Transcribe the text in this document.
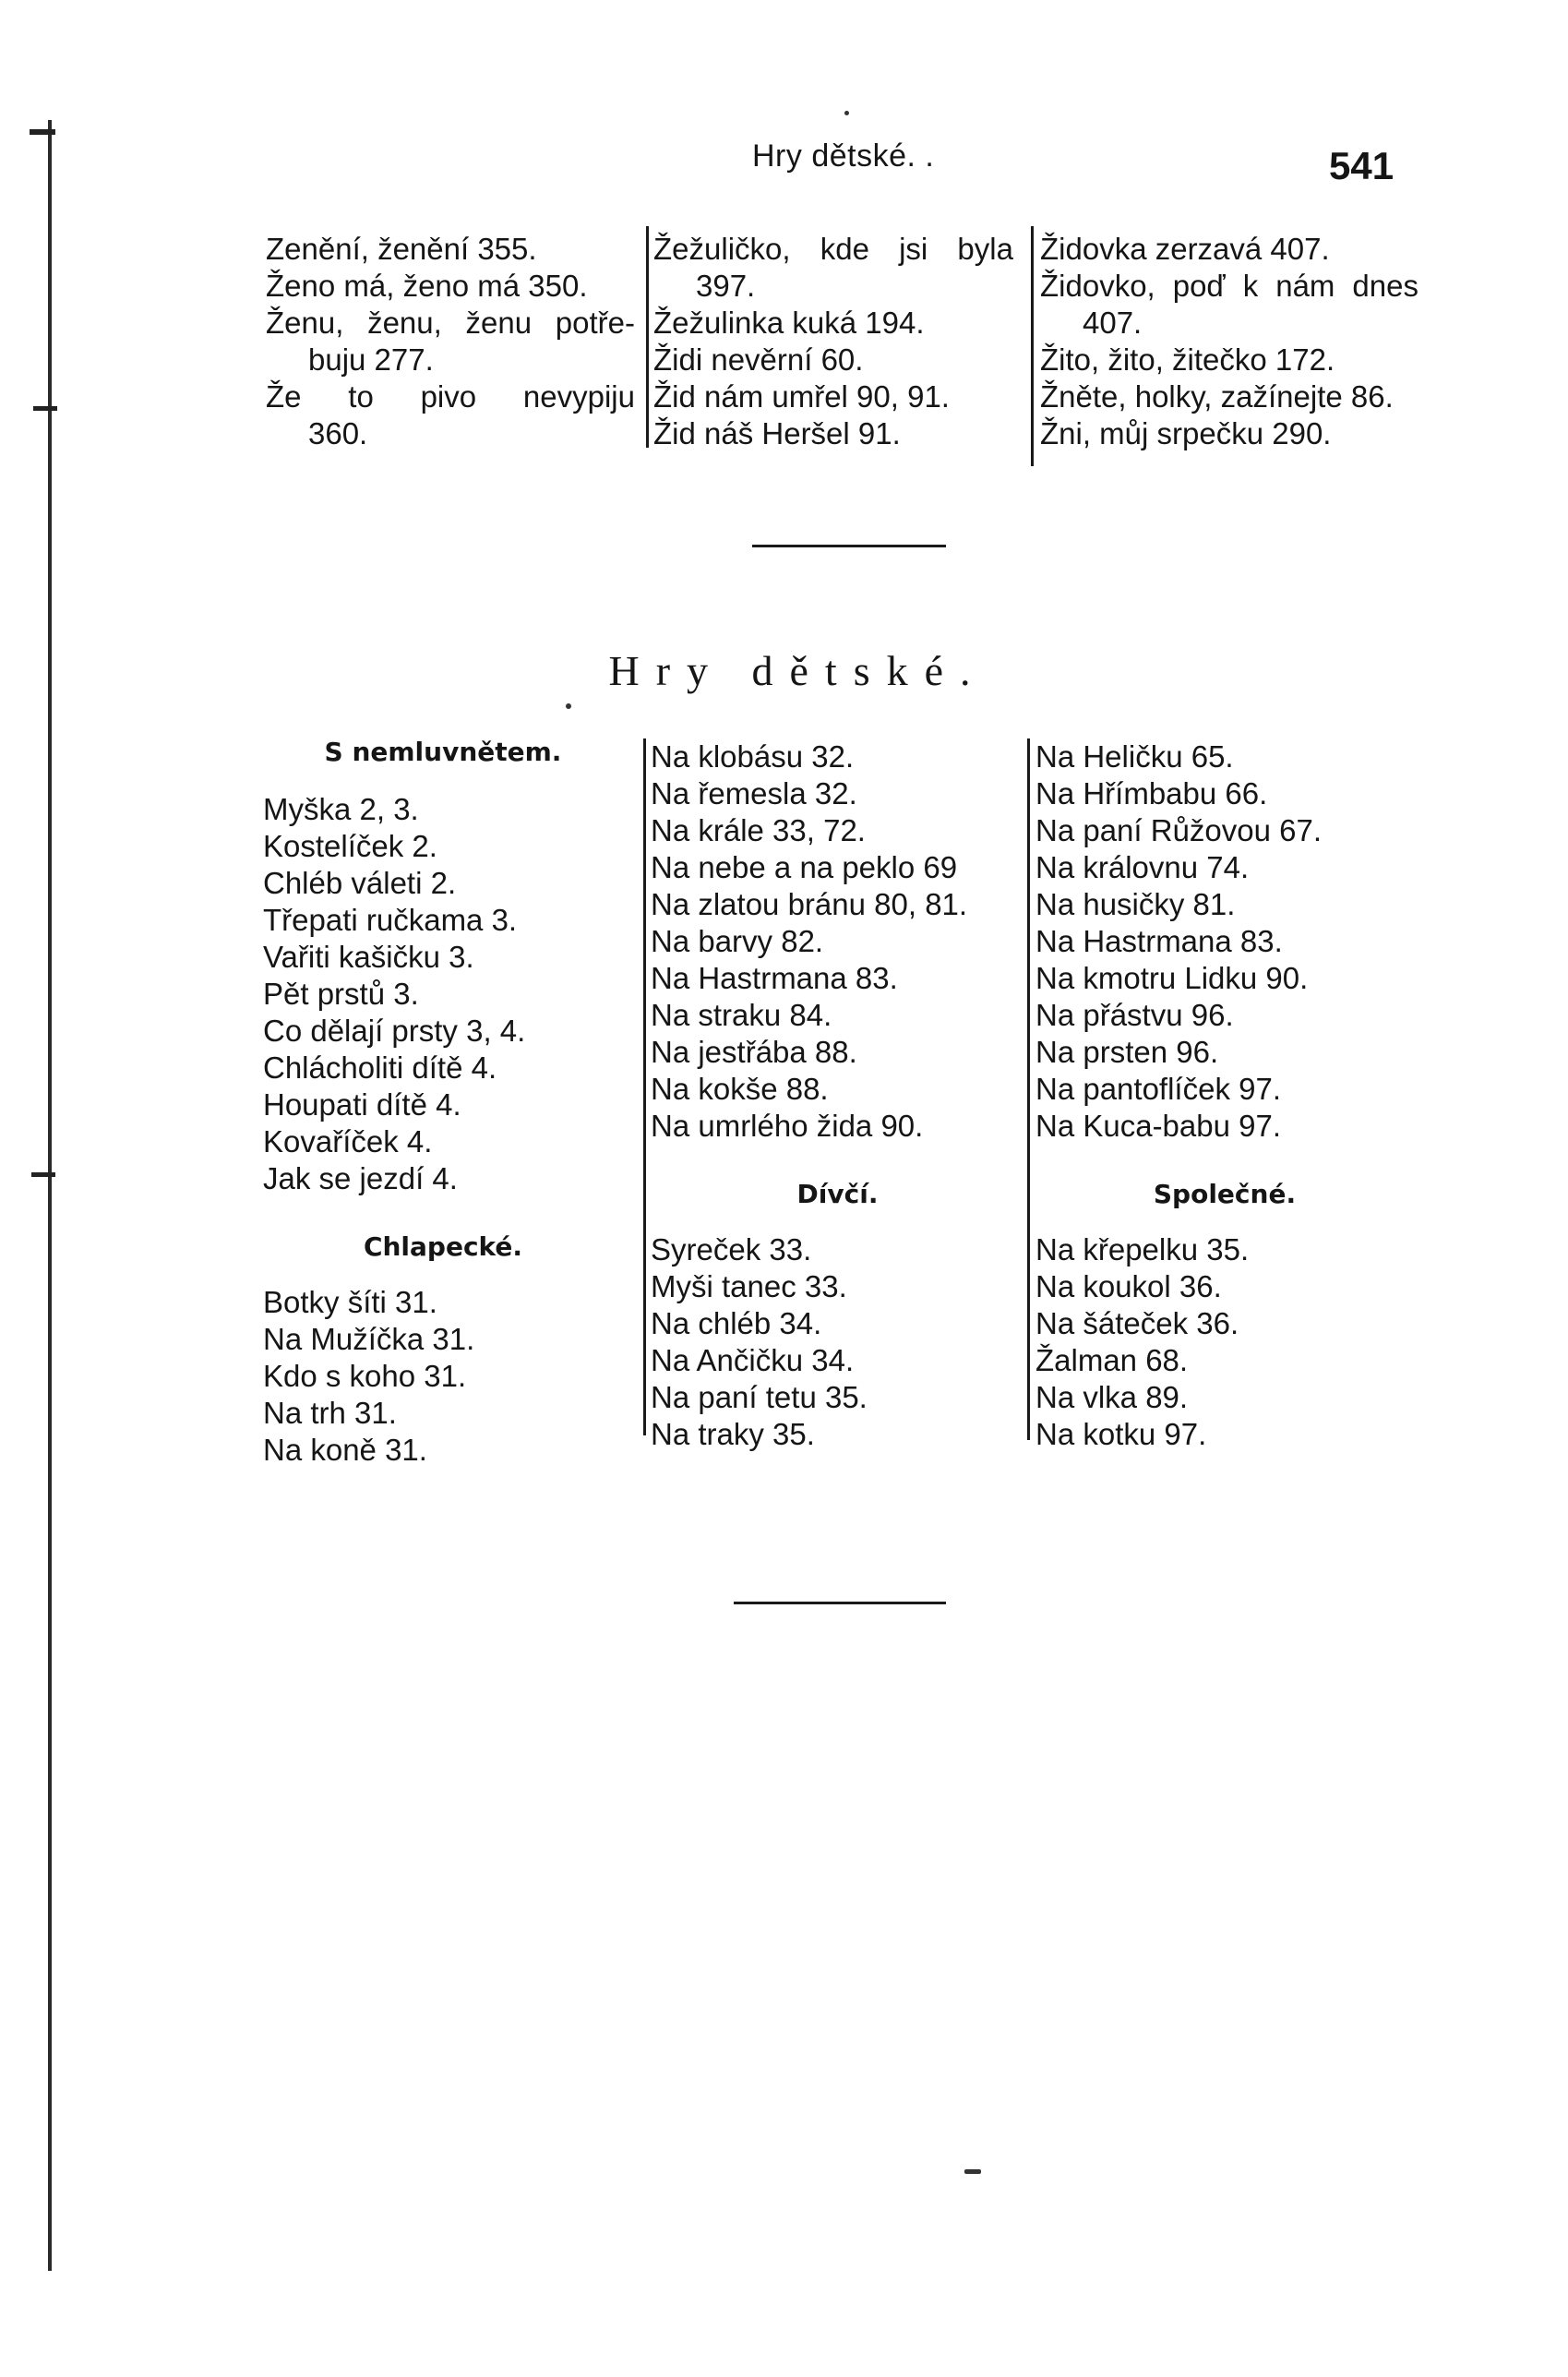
Hry dětské. .	541
Zenění, ženění 355.
Ženo má, ženo má 350.
Ženu, ženu, ženu potře-
buju 277.
Že to pivo nevypiju
360.
Žežuličko, kde jsi byla
397.
Žežulinka kuká 194.
Židi nevěrní 60.
Žid nám umřel 90, 91.
Žid náš Heršel 91.
Židovka zerzavá 407.
Židovko, poď k nám dnes
407.
Žito, žito, žitečko 172.
Žněte, holky, zažínejte 86.
Žni, můj srpečku 290.
Hry dětské.
S nemluvnětem.
Myška 2, 3.
Kostelíček 2.
Chléb váleti 2.
Třepati ručkama 3.
Vařiti kašičku 3.
Pět prstů 3.
Co dělají prsty 3, 4.
Chlácholiti dítě 4.
Houpati dítě 4.
Kovaříček 4.
Jak se jezdí 4.
Chlapecké.
Botky šíti 31.
Na Mužíčka 31.
Kdo s koho 31.
Na trh 31.
Na koně 31.
Na klobásu 32.
Na řemesla 32.
Na krále 33, 72.
Na nebe a na peklo 69
Na zlatou bránu 80, 81.
Na barvy 82.
Na Hastrmana 83.
Na straku 84.
Na jestřába 88.
Na kokše 88.
Na umrlého žida 90.
Dívčí.
Syreček 33.
Myši tanec 33.
Na chléb 34.
Na Ančičku 34.
Na paní tetu 35.
Na traky 35.
Na Heličku 65.
Na Hřímbabu 66.
Na paní Růžovou 67.
Na královnu 74.
Na husičky 81.
Na Hastrmana 83.
Na kmotru Lidku 90.
Na přástvu 96.
Na prsten 96.
Na pantoflíček 97.
Na Kuca-babu 97.
Společné.
Na křepelku 35.
Na koukol 36.
Na šáteček 36.
Žalman 68.
Na vlka 89.
Na kotku 97.
